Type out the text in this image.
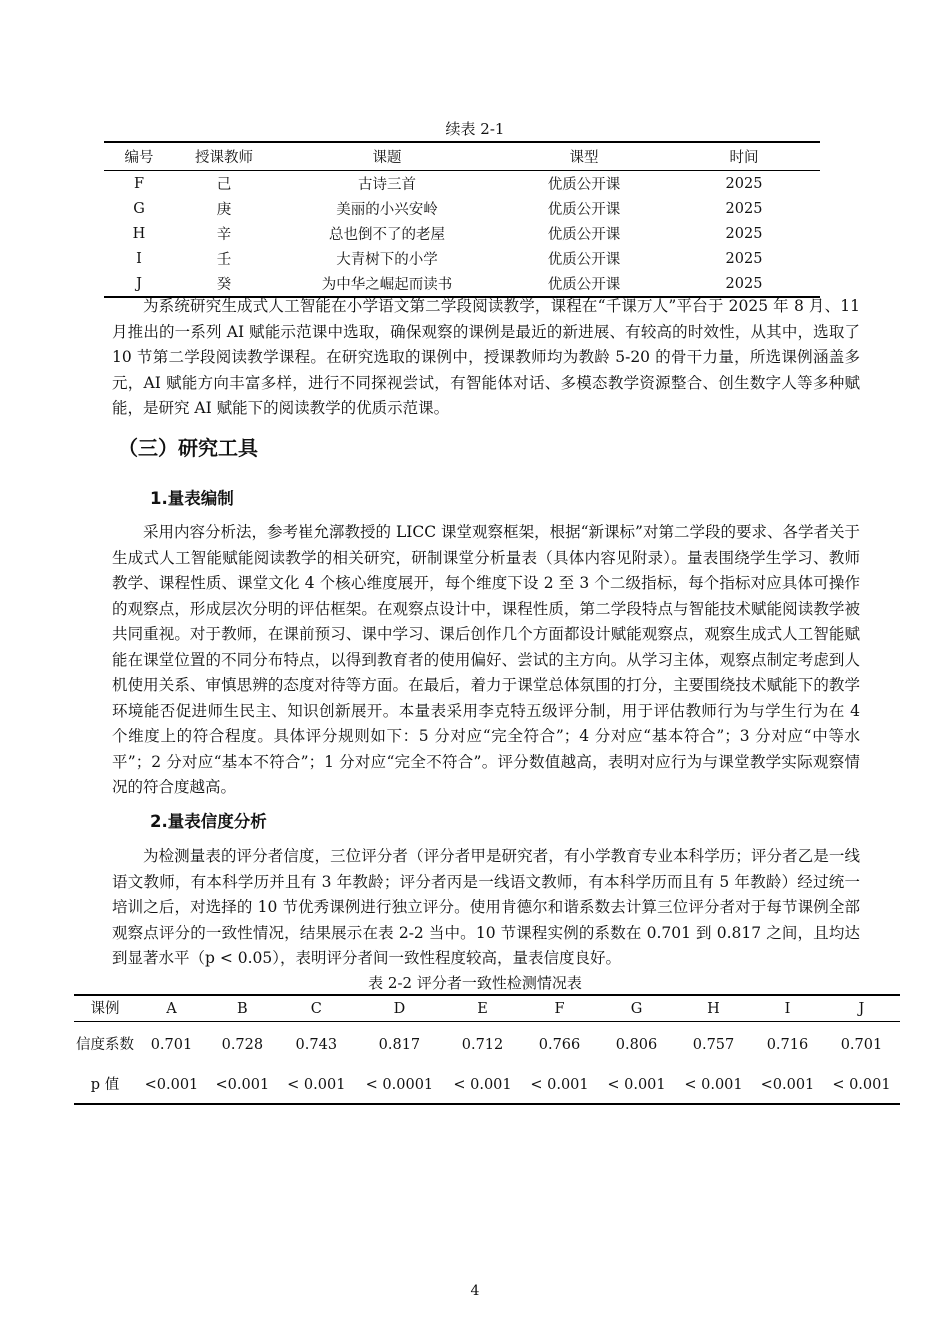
续表 2-1
编号	授课教师	课题	课型	时间
F	己	古诗三首	优质公开课	2025
G	庚	美丽的小兴安岭	优质公开课	2025
H	辛	总也倒不了的老屋	优质公开课	2025
I	壬	大青树下的小学	优质公开课	2025
J	癸	为中华之崛起而读书	优质公开课	2025

为系统研究生成式人工智能在小学语文第二学段阅读教学，课程在“千课万人”平台于 2025 年 8 月、11 月推出的一系列 AI 赋能示范课中选取，确保观察的课例是最近的新进展、有较高的时效性，从其中，选取了 10 节第二学段阅读教学课程。在研究选取的课例中，授课教师均为教龄 5-20 的骨干力量，所选课例涵盖多元，AI 赋能方向丰富多样，进行不同探视尝试，有智能体对话、多模态教学资源整合、创生数字人等多种赋能，是研究 AI 赋能下的阅读教学的优质示范课。

（三）研究工具
1.量表编制

采用内容分析法，参考崔允漷教授的 LICC 课堂观察框架，根据“新课标”对第二学段的要求、各学者关于生成式人工智能赋能阅读教学的相关研究，研制课堂分析量表（具体内容见附录）。量表围绕学生学习、教师教学、课程性质、课堂文化 4 个核心维度展开，每个维度下设 2 至 3 个二级指标，每个指标对应具体可操作的观察点，形成层次分明的评估框架。在观察点设计中，课程性质，第二学段特点与智能技术赋能阅读教学被共同重视。对于教师，在课前预习、课中学习、课后创作几个方面都设计赋能观察点，观察生成式人工智能赋能在课堂位置的不同分布特点，以得到教育者的使用偏好、尝试的主方向。从学习主体，观察点制定考虑到人机使用关系、审慎思辨的态度对待等方面。在最后，着力于课堂总体氛围的打分，主要围绕技术赋能下的教学环境能否促进师生民主、知识创新展开。本量表采用李克特五级评分制，用于评估教师行为与学生行为在 4 个维度上的符合程度。具体评分规则如下：5 分对应“完全符合”；4 分对应“基本符合”；3 分对应“中等水平”；2 分对应“基本不符合”；1 分对应“完全不符合”。评分数值越高，表明对应行为与课堂教学实际观察情况的符合度越高。

2.量表信度分析

为检测量表的评分者信度，三位评分者（评分者甲是研究者，有小学教育专业本科学历；评分者乙是一线语文教师，有本科学历并且有 3 年教龄；评分者丙是一线语文教师，有本科学历而且有 5 年教龄）经过统一培训之后，对选择的 10 节优秀课例进行独立评分。使用肯德尔和谐系数去计算三位评分者对于每节课例全部观察点评分的一致性情况，结果展示在表 2-2 当中。10 节课程实例的系数在 0.701 到 0.817 之间，且均达到显著水平（p < 0.05），表明评分者间一致性程度较高，量表信度良好。

表 2-2 评分者一致性检测情况表
课例	A	B	C	D	E	F	G	H	I	J
信度系数	0.701	0.728	0.743	0.817	0.712	0.766	0.806	0.757	0.716	0.701
p 值	<0.001	<0.001	< 0.001	< 0.0001	< 0.001	< 0.001	< 0.001	< 0.001	<0.001	< 0.001
4
